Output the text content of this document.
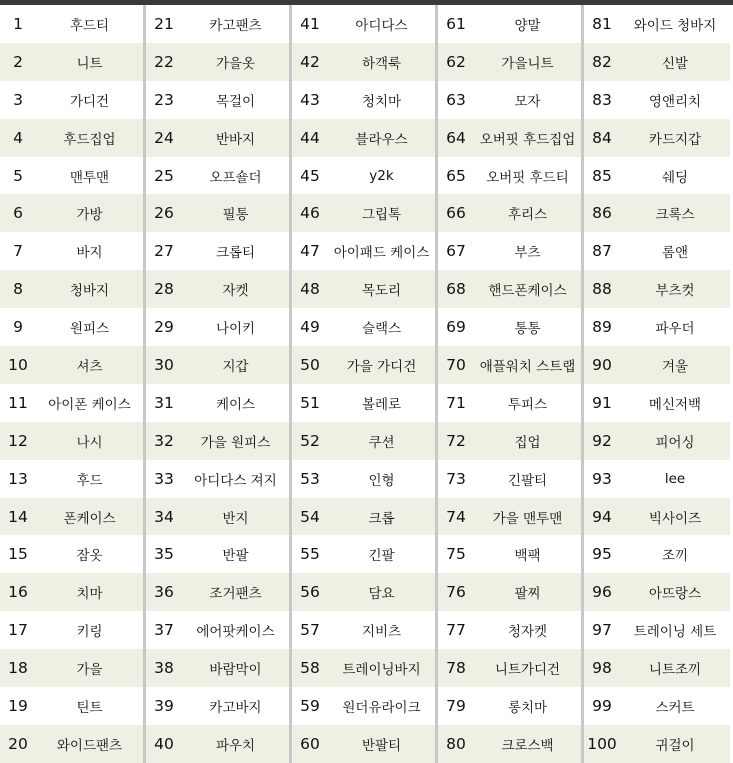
1	후드티
2	니트
3	가디건
4	후드집업
5	맨투맨
6	가방
7	바지
8	청바지
9	원피스
10	셔츠
11	아이폰 케이스
12	나시
13	후드
14	폰케이스
15	잠옷
16	치마
17	키링
18	가을
19	틴트
20	와이드팬츠
21	카고팬츠
22	가을옷
23	목걸이
24	반바지
25	오프숄더
26	필통
27	크롭티
28	자켓
29	나이키
30	지갑
31	케이스
32	가을 원피스
33	아디다스 져지
34	반지
35	반팔
36	조거팬츠
37	에어팟케이스
38	바람막이
39	카고바지
40	파우치
41	아디다스
42	하객룩
43	청치마
44	블라우스
45	y2k
46	그립톡
47	아이패드 케이스
48	목도리
49	슬랙스
50	가을 가디건
51	볼레로
52	쿠션
53	인형
54	크롭
55	긴팔
56	담요
57	지비츠
58	트레이닝바지
59	원더유라이크
60	반팔티
61	양말
62	가을니트
63	모자
64	오버핏 후드집업
65	오버핏 후드티
66	후리스
67	부츠
68	핸드폰케이스
69	통통
70	애플워치 스트랩
71	투피스
72	집업
73	긴팔티
74	가을 맨투맨
75	백팩
76	팔찌
77	청자켓
78	니트가디건
79	롱치마
80	크로스백
81	와이드 청바지
82	신발
83	영앤리치
84	카드지갑
85	쉐딩
86	크록스
87	롬앤
88	부츠컷
89	파우더
90	겨울
91	메신저백
92	피어싱
93	lee
94	빅사이즈
95	조끼
96	아뜨랑스
97	트레이닝 세트
98	니트조끼
99	스커트
100	귀걸이
